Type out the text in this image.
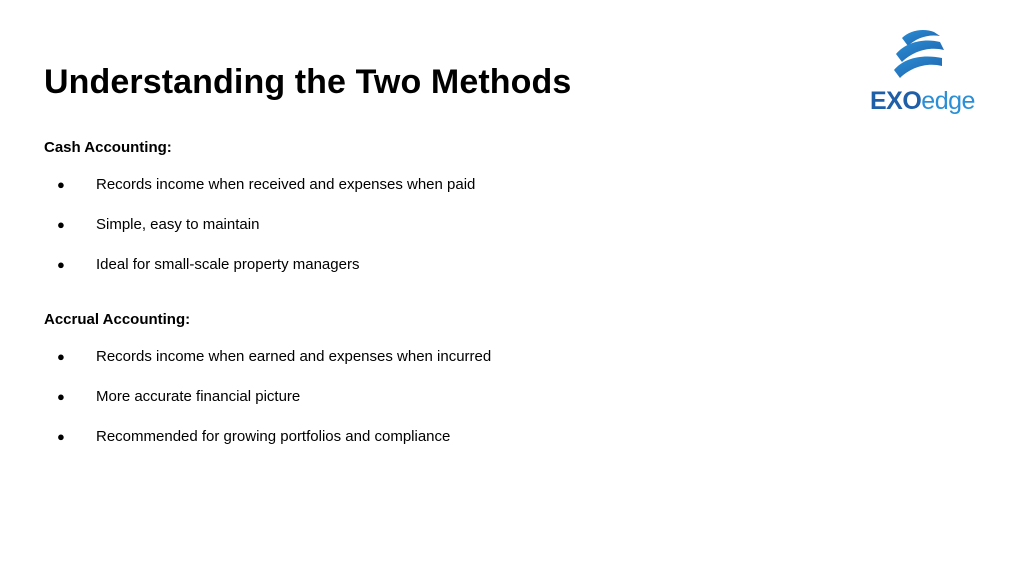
Understanding the Two Methods	EXOedge
Cash Accounting:
● Records income when received and expenses when paid
● Simple, easy to maintain
● Ideal for small-scale property managers
Accrual Accounting:
● Records income when earned and expenses when incurred
● More accurate financial picture
● Recommended for growing portfolios and compliance
